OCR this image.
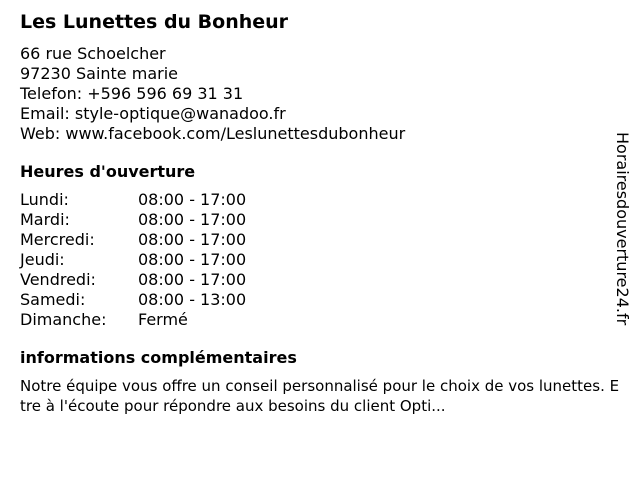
Les Lunettes du Bonheur
66 rue Schoelcher
97230 Sainte marie
Telefon: +596 596 69 31 31
Email: style-optique@wanadoo.fr
Web: www.facebook.com/Leslunettesdubonheur
Heures d'ouverture
Lundi:	08:00 - 17:00
Mardi:	08:00 - 17:00
Mercredi:	08:00 - 17:00
Jeudi:	08:00 - 17:00
Vendredi:	08:00 - 17:00
Samedi:	08:00 - 13:00
Dimanche:	Fermé
informations complémentaires
Notre équipe vous offre un conseil personnalisé pour le choix de vos lunettes. Etre à l'écoute pour répondre aux besoins du client Opti...
Horairesdouverture24.fr
